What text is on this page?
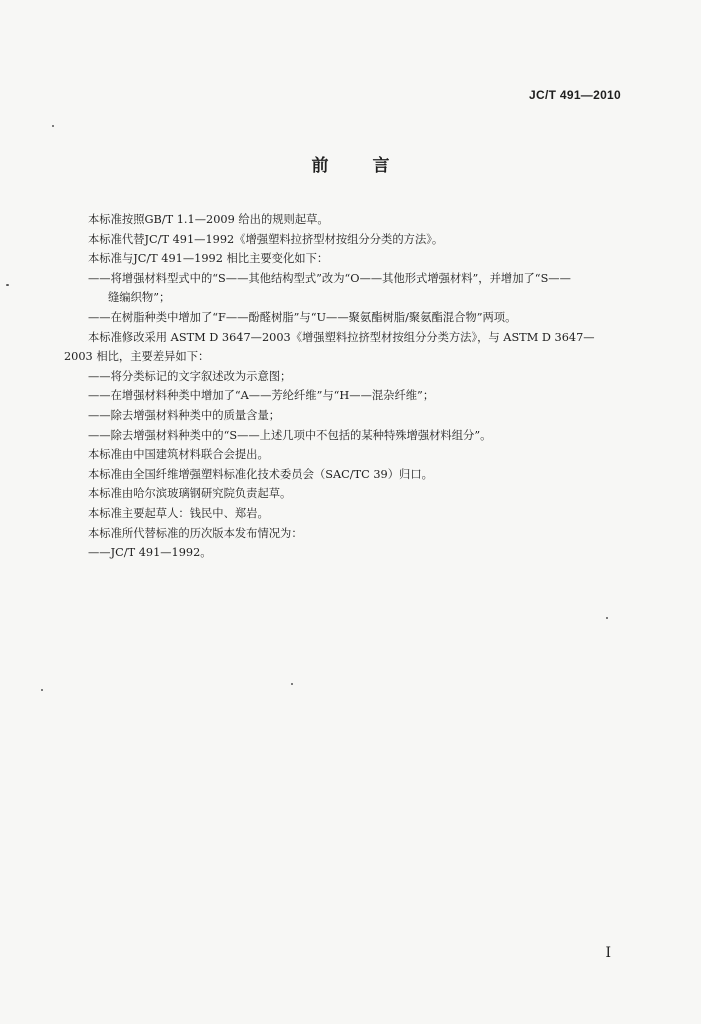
JC/T 491—2010
前	言

本标准按照GB/T 1.1—2009 给出的规则起草。

本标准代替JC/T 491—1992《增强塑料拉挤型材按组分分类的方法》。

本标准与JC/T 491—1992 相比主要变化如下：

——将增强材料型式中的“S——其他结构型式”改为“O——其他形式增强材料”，并增加了“S——

缝编织物”；

——在树脂种类中增加了“F——酚醛树脂”与“U——聚氨酯树脂/聚氨酯混合物”两项。

本标准修改采用 ASTM D 3647—2003《增强塑料拉挤型材按组分分类方法》，与 ASTM D 3647—

2003 相比，主要差异如下：

——将分类标记的文字叙述改为示意图；

——在增强材料种类中增加了“A——芳纶纤维”与“H——混杂纤维”；

——除去增强材料种类中的质量含量；

——除去增强材料种类中的“S——上述几项中不包括的某种特殊增强材料组分”。

本标准由中国建筑材料联合会提出。

本标准由全国纤维增强塑料标准化技术委员会（SAC/TC 39）归口。

本标准由哈尔滨玻璃钢研究院负责起草。

本标准主要起草人：钱民中、郑岩。

本标准所代替标准的历次版本发布情况为：

——JC/T 491—1992。

I
